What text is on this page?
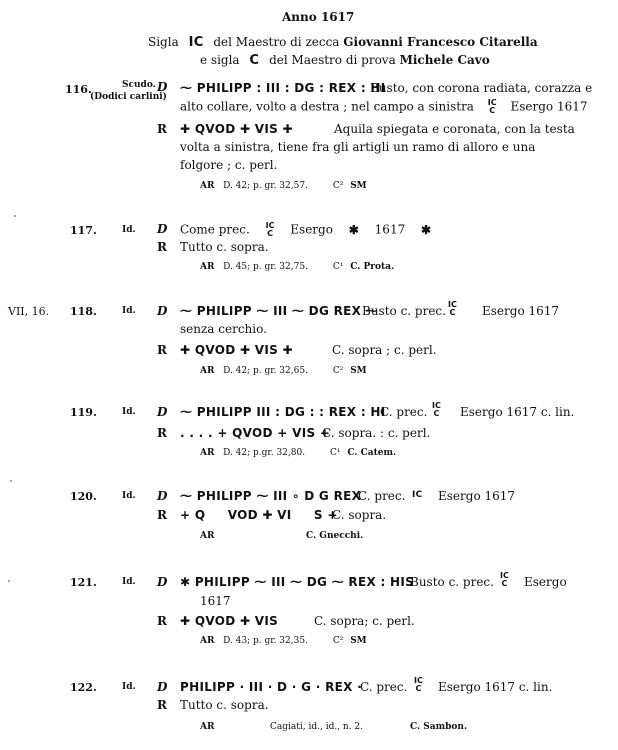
Anno 1617
Sigla IC del Maestro di zecca Giovanni Francesco Citarella
e sigla C del Maestro di prova Michele Cavo
116.	Scudo.
(Dodici carlini)
D ⁓ PHILIPP : III : DG : REX : HI
Busto, con corona radiata, corazza e
alto collare, volto a destra ; nel campo a sinistra IC
C Esergo 1617
R ✚ QVOD ✚ VIS ✚	Aquila spiegata e coronata, con la testa
volta a sinistra, tiene fra gli artigli un ramo di alloro e una
folgore ; c. perl.
AR D. 42; p. gr. 32,57.	C² SM
117.	Id. D Come prec. IC
C Esergo ✱ 1617 ✱
R Tutto c. sopra.
AR D. 45; p. gr. 32,75.	C¹ C. Prota.
VII, 16. 118.	Id. D ⁓ PHILIPP ⁓ III ⁓ DG REX ⁓
Busto c. prec. IC
C Esergo 1617
senza cerchio.
R ✚ QVOD ✚ VIS ✚	C. sopra ; c. perl.
AR D. 42; p. gr. 32,65.	C² SM
119.	Id. D ⁓ PHILIPP III : DG : : REX : HI
C. prec. IC
C Esergo 1617 c. lin.
R . . . . + QVOD + VIS +
C. sopra. : c. perl.
AR D. 42; p.gr. 32,80.	C¹ C. Catem.
120.	Id. D ⁓ PHILIPP ⁓ III ∘ D G REX
C. prec. IC Esergo 1617
R + Q     VOD ✚ VI     S +
C. sopra.
AR	C. Gnecchi.
121.	Id. D ✱ PHILIPP ⁓ III ⁓ DG ⁓ REX : HIS
Busto c. prec. IC
C Esergo
1617
R ✚ QVOD ✚ VIS	C. sopra; c. perl.
AR D. 43; p. gr. 32,35.	C² SM
122.	Id. D PHILIPP · III · D · G · REX ·
C. prec. IC
C Esergo 1617 c. lin.
R Tutto c. sopra.
AR	Cagiati, id., id., n. 2.	C. Sambon.
